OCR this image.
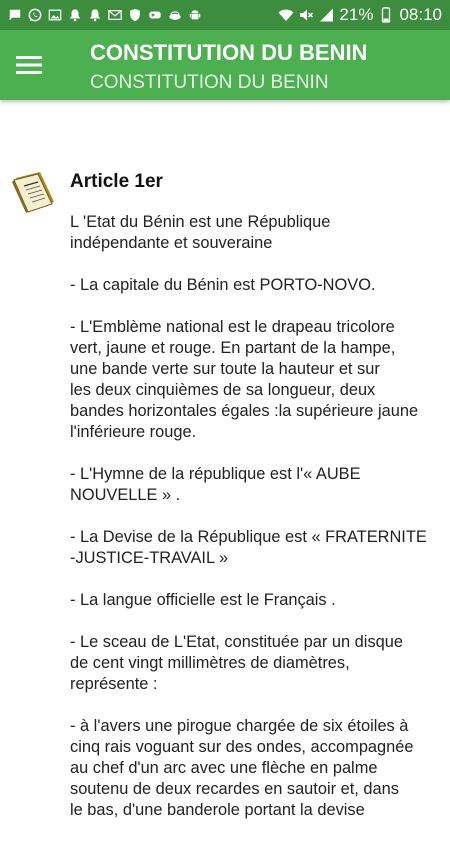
21% 08:10
CONSTITUTION DU BENIN
CONSTITUTION DU BENIN
Article 1er

L 'Etat du Bénin est une République
indépendante et souveraine

- La capitale du Bénin est PORTO-NOVO.

- L'Emblème national est le drapeau tricolore
vert, jaune et rouge. En partant de la hampe,
une bande verte sur toute la hauteur et sur
les deux cinquièmes de sa longueur, deux
bandes horizontales égales :la supérieure jaune
l'inférieure rouge.

- L'Hymne de la république est l'« AUBE
NOUVELLE » .

- La Devise de la République est « FRATERNITE
-JUSTICE-TRAVAIL »

- La langue officielle est le Français .

- Le sceau de L'Etat, constituée par un disque
de cent vingt millimètres de diamètres,
représente :

- à l'avers une pirogue chargée de six étoiles à
cinq rais voguant sur des ondes, accompagnée
au chef d'un arc avec une flèche en palme
soutenu de deux recardes en sautoir et, dans
le bas, d'une banderole portant la devise
